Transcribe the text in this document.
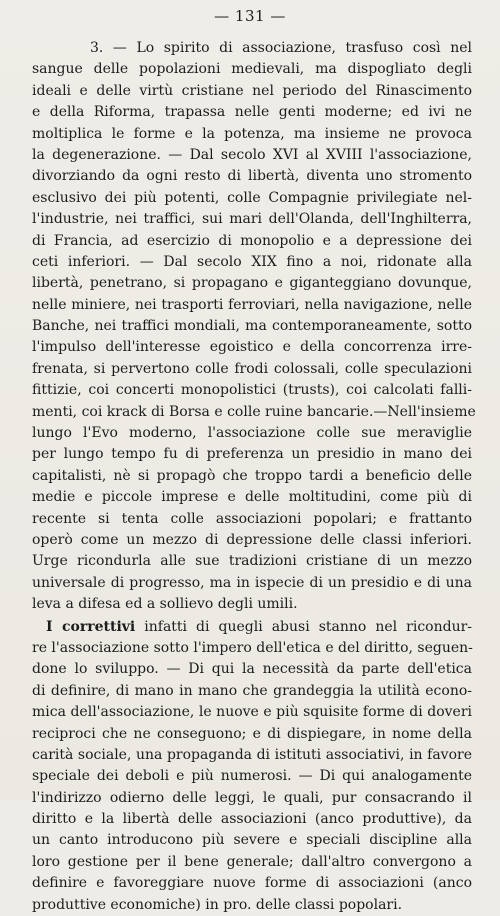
— 131 —
3. — Lo spirito di associazione, trasfuso così nel
sangue delle popolazioni medievali, ma dispogliato degli
ideali e delle virtù cristiane nel periodo del Rinascimento
e della Riforma, trapassa nelle genti moderne; ed ivi ne
moltiplica le forme e la potenza, ma insieme ne provoca
la degenerazione. — Dal secolo XVI al XVIII l'associazione,
divorziando da ogni resto di libertà, diventa uno stromento
esclusivo dei più potenti, colle Compagnie privilegiate nel-
l'industrie, nei traffici, sui mari dell'Olanda, dell'Inghilterra,
di Francia, ad esercizio di monopolio e a depressione dei
ceti inferiori. — Dal secolo XIX fino a noi, ridonate alla
libertà, penetrano, si propagano e giganteggiano dovunque,
nelle miniere, nei trasporti ferroviari, nella navigazione, nelle
Banche, nei traffici mondiali, ma contemporaneamente, sotto
l'impulso dell'interesse egoistico e della concorrenza irre-
frenata, si pervertono colle frodi colossali, colle speculazioni
fittizie, coi concerti monopolistici (trusts), coi calcolati falli-
menti, coi krack di Borsa e colle ruine bancarie.—Nell'insieme
lungo l'Evo moderno, l'associazione colle sue meraviglie
per lungo tempo fu di preferenza un presidio in mano dei
capitalisti, nè si propagò che troppo tardi a beneficio delle
medie e piccole imprese e delle moltitudini, come più di
recente si tenta colle associazioni popolari; e frattanto
operò come un mezzo di depressione delle classi inferiori.
Urge ricondurla alle sue tradizioni cristiane di un mezzo
universale di progresso, ma in ispecie di un presidio e di una
leva a difesa ed a sollievo degli umili.
I correttivi infatti di quegli abusi stanno nel ricondur-
re l'associazione sotto l'impero dell'etica e del diritto, seguen-
done lo sviluppo. — Di qui la necessità da parte dell'etica
di definire, di mano in mano che grandeggia la utilità econo-
mica dell'associazione, le nuove e più squisite forme di doveri
reciproci che ne conseguono; e di dispiegare, in nome della
carità sociale, una propaganda di istituti associativi, in favore
speciale dei deboli e più numerosi. — Di qui analogamente
l'indirizzo odierno delle leggi, le quali, pur consacrando il
diritto e la libertà delle associazioni (anco produttive), da
un canto introducono più severe e speciali discipline alla
loro gestione per il bene generale; dall'altro convergono a
definire e favoreggiare nuove forme di associazioni (anco
produttive economiche) in pro. delle classi popolari.
